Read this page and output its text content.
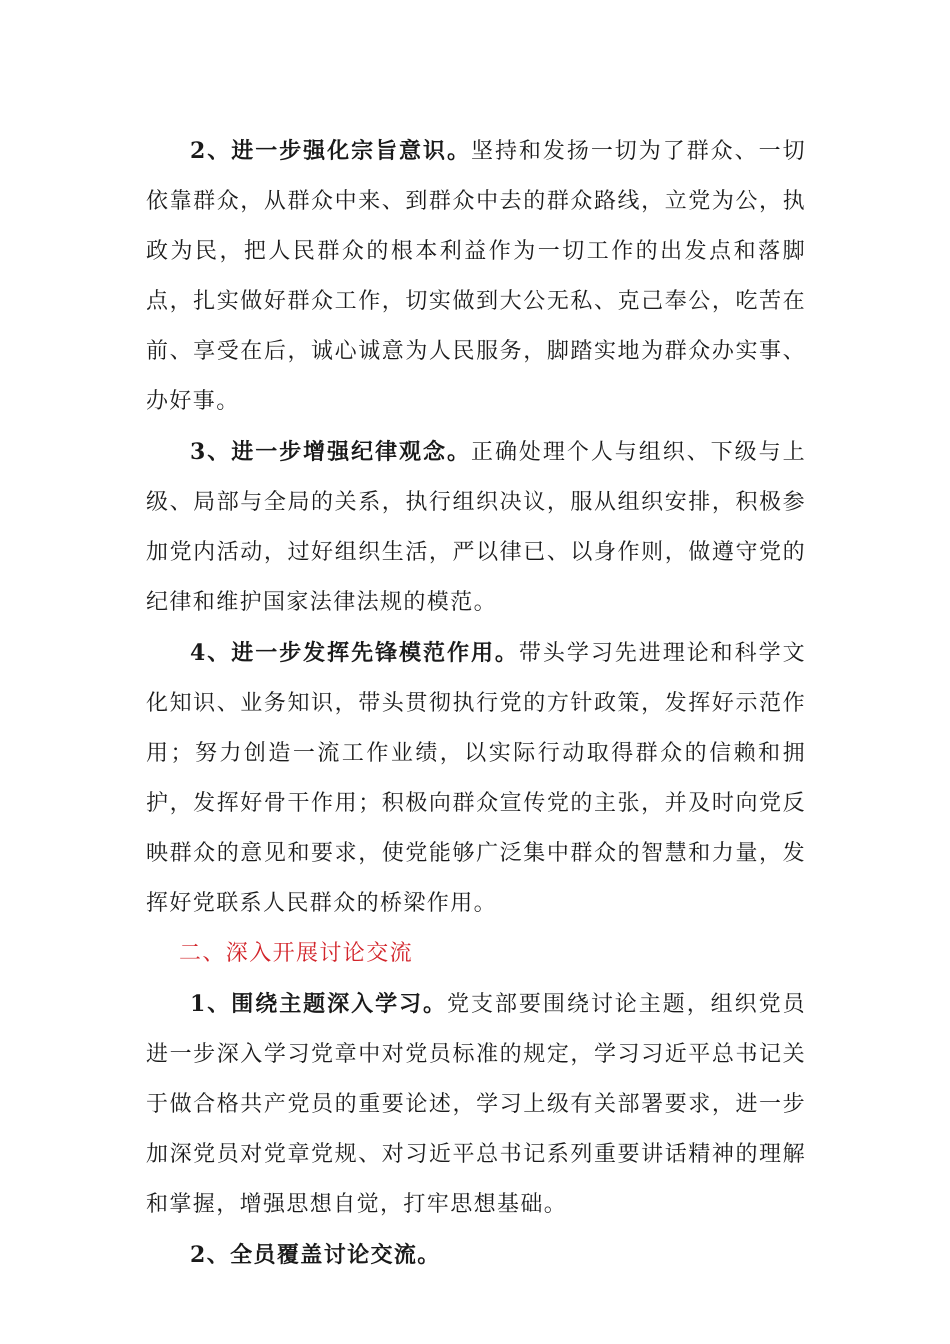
2、进一步强化宗旨意识。坚持和发扬一切为了群众、一切依靠群众，从群众中来、到群众中去的群众路线，立党为公，执政为民，把人民群众的根本利益作为一切工作的出发点和落脚点，扎实做好群众工作，切实做到大公无私、克己奉公，吃苦在前、享受在后，诚心诚意为人民服务，脚踏实地为群众办实事、办好事。

3、进一步增强纪律观念。正确处理个人与组织、下级与上级、局部与全局的关系，执行组织决议，服从组织安排，积极参加党内活动，过好组织生活，严以律已、以身作则，做遵守党的纪律和维护国家法律法规的模范。

4、进一步发挥先锋模范作用。带头学习先进理论和科学文化知识、业务知识，带头贯彻执行党的方针政策，发挥好示范作用；努力创造一流工作业绩，以实际行动取得群众的信赖和拥护，发挥好骨干作用；积极向群众宣传党的主张，并及时向党反映群众的意见和要求，使党能够广泛集中群众的智慧和力量，发挥好党联系人民群众的桥梁作用。

二、深入开展讨论交流

1、围绕主题深入学习。党支部要围绕讨论主题，组织党员进一步深入学习党章中对党员标准的规定，学习习近平总书记关于做合格共产党员的重要论述，学习上级有关部署要求，进一步加深党员对党章党规、对习近平总书记系列重要讲话精神的理解和掌握，增强思想自觉，打牢思想基础。

2、全员覆盖讨论交流。
